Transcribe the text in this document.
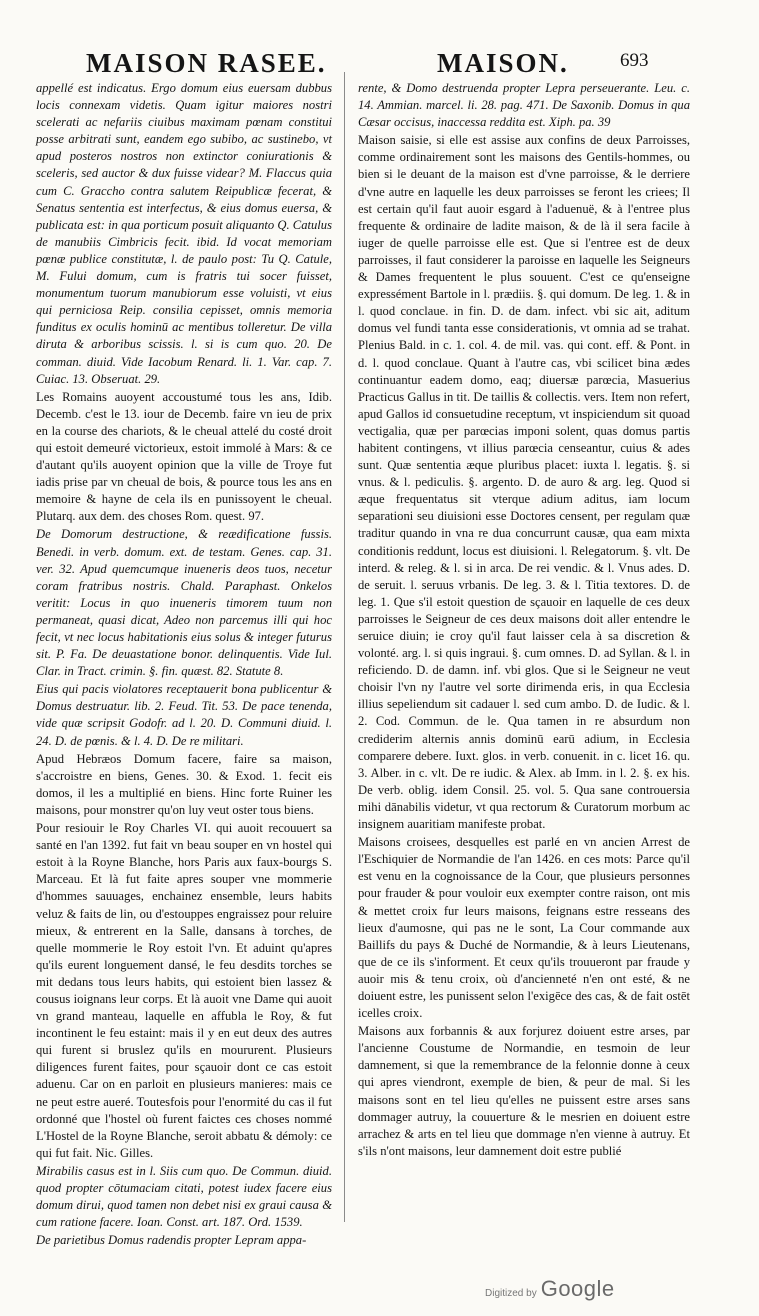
MAISON RASEE.	MAISON.	693

appellé est indicatus. Ergo domum eius euersam dubbus locis connexam videtis. Quam igitur maiores nostri scelerati ac nefariis ciuibus maximam pœnam constitui posse arbitrati sunt, eandem ego subibo, ac sustinebo, vt apud posteros nostros non extinctor coniurationis & sceleris, sed auctor & dux fuisse videar? M. Flaccus quia cum C. Graccho contra salutem Reipublicæ fecerat, & Senatus sententia est interfectus, & eius domus euersa, & publicata est: in qua porticum posuit aliquanto Q. Catulus de manubiis Cimbricis fecit. ibid. Id vocat memoriam pœnæ publice constitutæ, l. de paulo post: Tu Q. Catule, M. Fului domum, cum is fratris tui socer fuisset, monumentum tuorum manubiorum esse voluisti, vt eius qui perniciosa Reip. consilia cepisset, omnis memoria funditus ex oculis hominū ac mentibus tolleretur. De villa diruta & arboribus scissis. l. si is cum quo. 20. De comman. diuid. Vide Iacobum Renard. li. 1. Var. cap. 7. Cuiac. 13. Obseruat. 29.

Les Romains auoyent accoustumé tous les ans, Idib. Decemb. c'est le 13. iour de Decemb. faire vn ieu de prix en la course des chariots, & le cheual attelé du costé droit qui estoit demeuré victorieux, estoit immolé à Mars: & ce d'autant qu'ils auoyent opinion que la ville de Troye fut iadis prise par vn cheual de bois, & pource tous les ans en memoire & hayne de cela ils en punissoyent le cheual. Plutarq. aux dem. des choses Rom. quest. 97.

De Domorum destructione, & reædificatione fussis. Benedi. in verb. domum. ext. de testam. Genes. cap. 31. ver. 32. Apud quemcumque inueneris deos tuos, necetur coram fratribus nostris. Chald. Paraphast. Onkelos veritit: Locus in quo inueneris timorem tuum non permaneat, quasi dicat, Adeo non parcemus illi qui hoc fecit, vt nec locus habitationis eius solus & integer futurus sit. P. Fa. De deuastatione bonor. delinquentis. Vide Iul. Clar. in Tract. crimin. §. fin. quæst. 82. Statute 8.

Eius qui pacis violatores receptauerit bona publicentur & Domus destruatur. lib. 2. Feud. Tit. 53. De pace tenenda, vide quæ scripsit Godofr. ad l. 20. D. Communi diuid. l. 24. D. de pœnis. & l. 4. D. De re militari.

Apud Hebræos Domum facere, faire sa maison, s'accroistre en biens, Genes. 30. & Exod. 1. fecit eis domos, il les a multiplié en biens. Hinc forte Ruiner les maisons, pour monstrer qu'on luy veut oster tous biens.

Pour resiouir le Roy Charles VI. qui auoit recouuert sa santé en l'an 1392. fut fait vn beau souper en vn hostel qui estoit à la Royne Blanche, hors Paris aux faux-bourgs S. Marceau. Et là fut faite apres souper vne mommerie d'hommes sauuages, enchainez ensemble, leurs habits veluz & faits de lin, ou d'estouppes engraissez pour reluire mieux, & entrerent en la Salle, dansans à torches, de quelle mommerie le Roy estoit l'vn. Et aduint qu'apres qu'ils eurent longuement dansé, le feu desdits torches se mit dedans tous leurs habits, qui estoient bien lassez & cousus ioignans leur corps. Et là auoit vne Dame qui auoit vn grand manteau, laquelle en affubla le Roy, & fut incontinent le feu estaint: mais il y en eut deux des autres qui furent si bruslez qu'ils en moururent. Plusieurs diligences furent faites, pour sçauoir dont ce cas estoit aduenu. Car on en parloit en plusieurs manieres: mais ce ne peut estre aueré. Toutesfois pour l'enormité du cas il fut ordonné que l'hostel où furent faictes ces choses nommé L'Hostel de la Royne Blanche, seroit abbatu & démoly: ce qui fut fait. Nic. Gilles.

Mirabilis casus est in l. Siis cum quo. De Commun. diuid. quod propter cōtumaciam citati, potest iudex facere eius domum dirui, quod tamen non debet nisi ex graui causa & cum ratione facere. Ioan. Const. art. 187. Ord. 1539.

De parietibus Domus radendis propter Lepram appa-

rente, & Domo destruenda propter Lepra perseuerante. Leu. c. 14. Ammian. marcel. li. 28. pag. 471. De Saxonib. Domus in qua Cæsar occisus, inaccessa reddita est. Xiph. pa. 39

Maison saisie, si elle est assise aux confins de deux Parroisses, comme ordinairement sont les maisons des Gentils-hommes, ou bien si le deuant de la maison est d'vne parroisse, & le derriere d'vne autre en laquelle les deux parroisses se feront les criees; Il est certain qu'il faut auoir esgard à l'aduenuë, & à l'entree plus frequente & ordinaire de ladite maison, & de là il sera facile à iuger de quelle parroisse elle est. Que si l'entree est de deux parroisses, il faut considerer la paroisse en laquelle les Seigneurs & Dames frequentent le plus souuent. C'est ce qu'enseigne expressément Bartole in l. prædiis. §. qui domum. De leg. 1. & in l. quod conclaue. in fin. D. de dam. infect. vbi sic ait, aditum domus vel fundi tanta esse considerationis, vt omnia ad se trahat. Plenius Bald. in c. 1. col. 4. de mil. vas. qui cont. eff. & Pont. in d. l. quod conclaue. Quant à l'autre cas, vbi scilicet bina ædes continuantur eadem domo, eaq; diuersæ parœcia, Masuerius Practicus Gallus in tit. De taillis & collectis. vers. Item non refert, apud Gallos id consuetudine receptum, vt inspiciendum sit quoad vectigalia, quæ per parœcias imponi solent, quas domus partis habitent contingens, vt illius parœcia censeantur, cuius & ades sunt. Quæ sententia æque pluribus placet: iuxta l. legatis. §. si vnus. & l. pediculis. §. argento. D. de auro & arg. leg. Quod si æque frequentatus sit vterque adium aditus, iam locum separationi seu diuisioni esse Doctores censent, per regulam quæ traditur quando in vna re dua concurrunt causæ, qua eam mixta conditionis reddunt, locus est diuisioni. l. Relegatorum. §. vlt. De interd. & releg. & l. si in arca. De rei vendic. & l. Vnus ades. D. de seruit. l. seruus vrbanis. De leg. 3. & l. Titia textores. D. de leg. 1. Que s'il estoit question de sçauoir en laquelle de ces deux parroisses le Seigneur de ces deux maisons doit aller entendre le seruice diuin; ie croy qu'il faut laisser cela à sa discretion & volonté. arg. l. si quis ingraui. §. cum omnes. D. ad Syllan. & l. in reficiendo. D. de damn. inf. vbi glos. Que si le Seigneur ne veut choisir l'vn ny l'autre vel sorte dirimenda eris, in qua Ecclesia illius sepeliendum sit cadauer l. sed cum ambo. D. de Iudic. & l. 2. Cod. Commun. de le. Qua tamen in re absurdum non crediderim alternis annis dominū earū adium, in Ecclesia comparere debere. Iuxt. glos. in verb. conuenit. in c. licet 16. qu. 3. Alber. in c. vlt. De re iudic. & Alex. ab Imm. in l. 2. §. ex his. De verb. oblig. idem Consil. 25. vol. 5. Qua sane controuersia mihi dānabilis videtur, vt qua rectorum & Curatorum morbum ac insignem auaritiam manifeste probat.

Maisons croisees, desquelles est parlé en vn ancien Arrest de l'Eschiquier de Normandie de l'an 1426. en ces mots: Parce qu'il est venu en la cognoissance de la Cour, que plusieurs personnes pour frauder & pour vouloir eux exempter contre raison, ont mis & mettet croix fur leurs maisons, feignans estre resseans des lieux d'aumosne, qui pas ne le sont, La Cour commande aux Baillifs du pays & Duché de Normandie, & à leurs Lieutenans, que de ce ils s'informent. Et ceux qu'ils trouueront par fraude y auoir mis & tenu croix, où d'ancienneté n'en ont esté, & ne doiuent estre, les punissent selon l'exigēce des cas, & de fait ostēt icelles croix.

Maisons aux forbannis & aux forjurez doiuent estre arses, par l'ancienne Coustume de Normandie, en tesmoin de leur damnement, si que la remembrance de la felonnie donne à ceux qui apres viendront, exemple de bien, & peur de mal. Si les maisons sont en tel lieu qu'elles ne puissent estre arses sans dommager autruy, la couuerture & le mesrien en doiuent estre arrachez & arts en tel lieu que dommage n'en vienne à autruy. Et s'ils n'ont maisons, leur damnement doit estre publié

Digitized by Google
